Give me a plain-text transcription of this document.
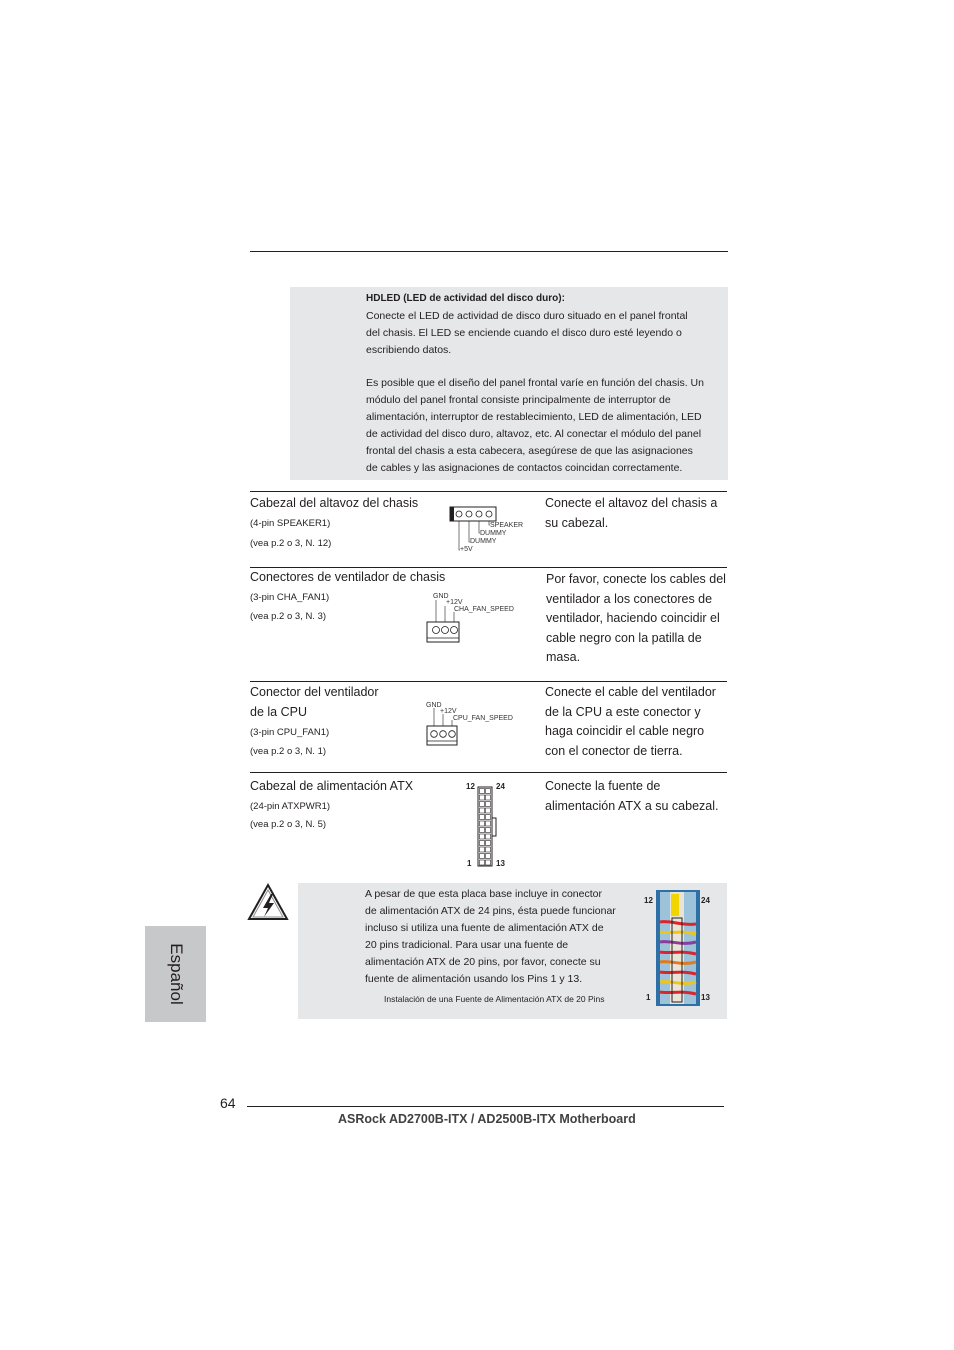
HDLED (LED de actividad del disco duro):
Conecte el LED de actividad de disco duro situado en el panel frontal
del chasis. El LED se enciende cuando el disco duro esté leyendo o
escribiendo datos.
Es posible que el diseño del panel frontal varíe en función del chasis. Un
módulo del panel frontal consiste principalmente de interruptor de
alimentación, interruptor de restablecimiento, LED de alimentación, LED
de actividad del disco duro, altavoz, etc. Al conectar el módulo del panel
frontal del chasis a esta cabecera, asegúrese de que las asignaciones
de cables y las asignaciones de contactos coincidan correctamente.
Cabezal del altavoz del chasis
(4-pin SPEAKER1)
(vea p.2 o 3, N. 12)
SPEAKER
DUMMY
DUMMY
+5V
Conecte el altavoz del chasis a
su cabezal.
Conectores de ventilador de chasis
(3-pin CHA_FAN1)
(vea p.2 o 3, N. 3)
GND
+12V
CHA_FAN_SPEED
Por favor, conecte los cables del
ventilador a los conectores de
ventilador, haciendo coincidir el
cable negro con la patilla de
masa.
Conector del ventilador
de la CPU
(3-pin CPU_FAN1)
(vea p.2 o 3, N. 1)
GND
+12V
CPU_FAN_SPEED
Conecte el cable del ventilador
de la CPU a este conector y
haga coincidir el cable negro
con el conector de tierra.
Cabezal de alimentación ATX
(24-pin ATXPWR1)
(vea p.2 o 3, N. 5)
12	24
1	13
Conecte la fuente de
alimentación ATX a su cabezal.
A pesar de que esta placa base incluye in conector
de alimentación ATX de 24 pins, ésta puede funcionar
incluso si utiliza una fuente de alimentación ATX de
20 pins tradicional. Para usar una fuente de
alimentación ATX de 20 pins, por favor, conecte su
fuente de alimentación usando los Pins 1 y 13.
Instalación de una Fuente de Alimentación ATX de 20 Pins
12	24
1	13
Español
64
ASRock AD2700B-ITX / AD2500B-ITX Motherboard
